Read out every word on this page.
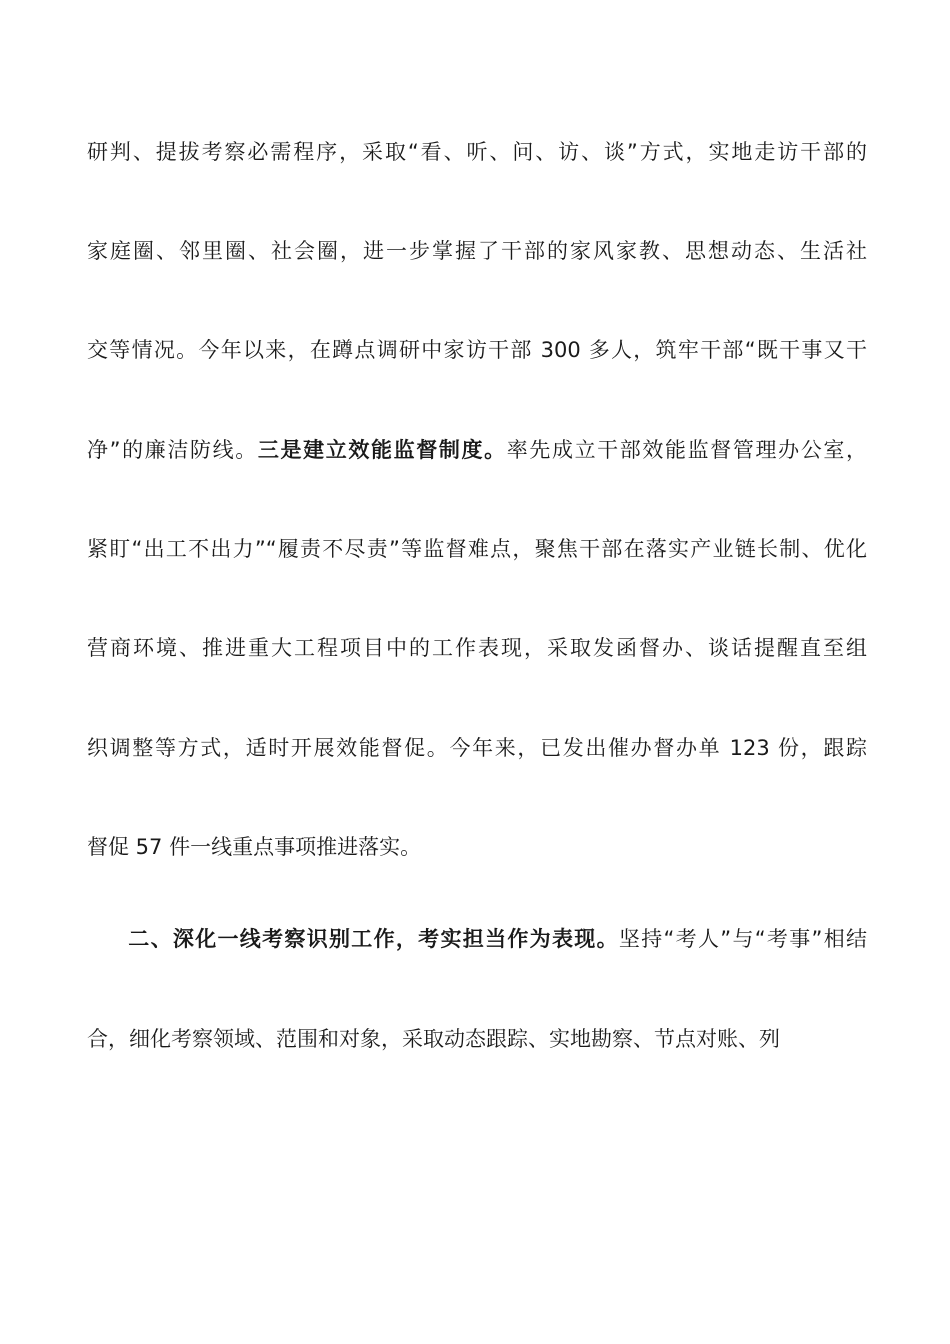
研判、提拔考察必需程序，采取“看、听、问、访、谈”方式，实地走访干部的
家庭圈、邻里圈、社会圈，进一步掌握了干部的家风家教、思想动态、生活社
交等情况。今年以来，在蹲点调研中家访干部 300 多人，筑牢干部“既干事又干
净”的廉洁防线。三是建立效能监督制度。率先成立干部效能监督管理办公室，
紧盯“出工不出力”“履责不尽责”等监督难点，聚焦干部在落实产业链长制、优化
营商环境、推进重大工程项目中的工作表现，采取发函督办、谈话提醒直至组
织调整等方式，适时开展效能督促。今年来，已发出催办督办单 123 份，跟踪
督促 57 件一线重点事项推进落实。
二、深化一线考察识别工作，考实担当作为表现。坚持“考人”与“考事”相结
合，细化考察领域、范围和对象，采取动态跟踪、实地勘察、节点对账、列
